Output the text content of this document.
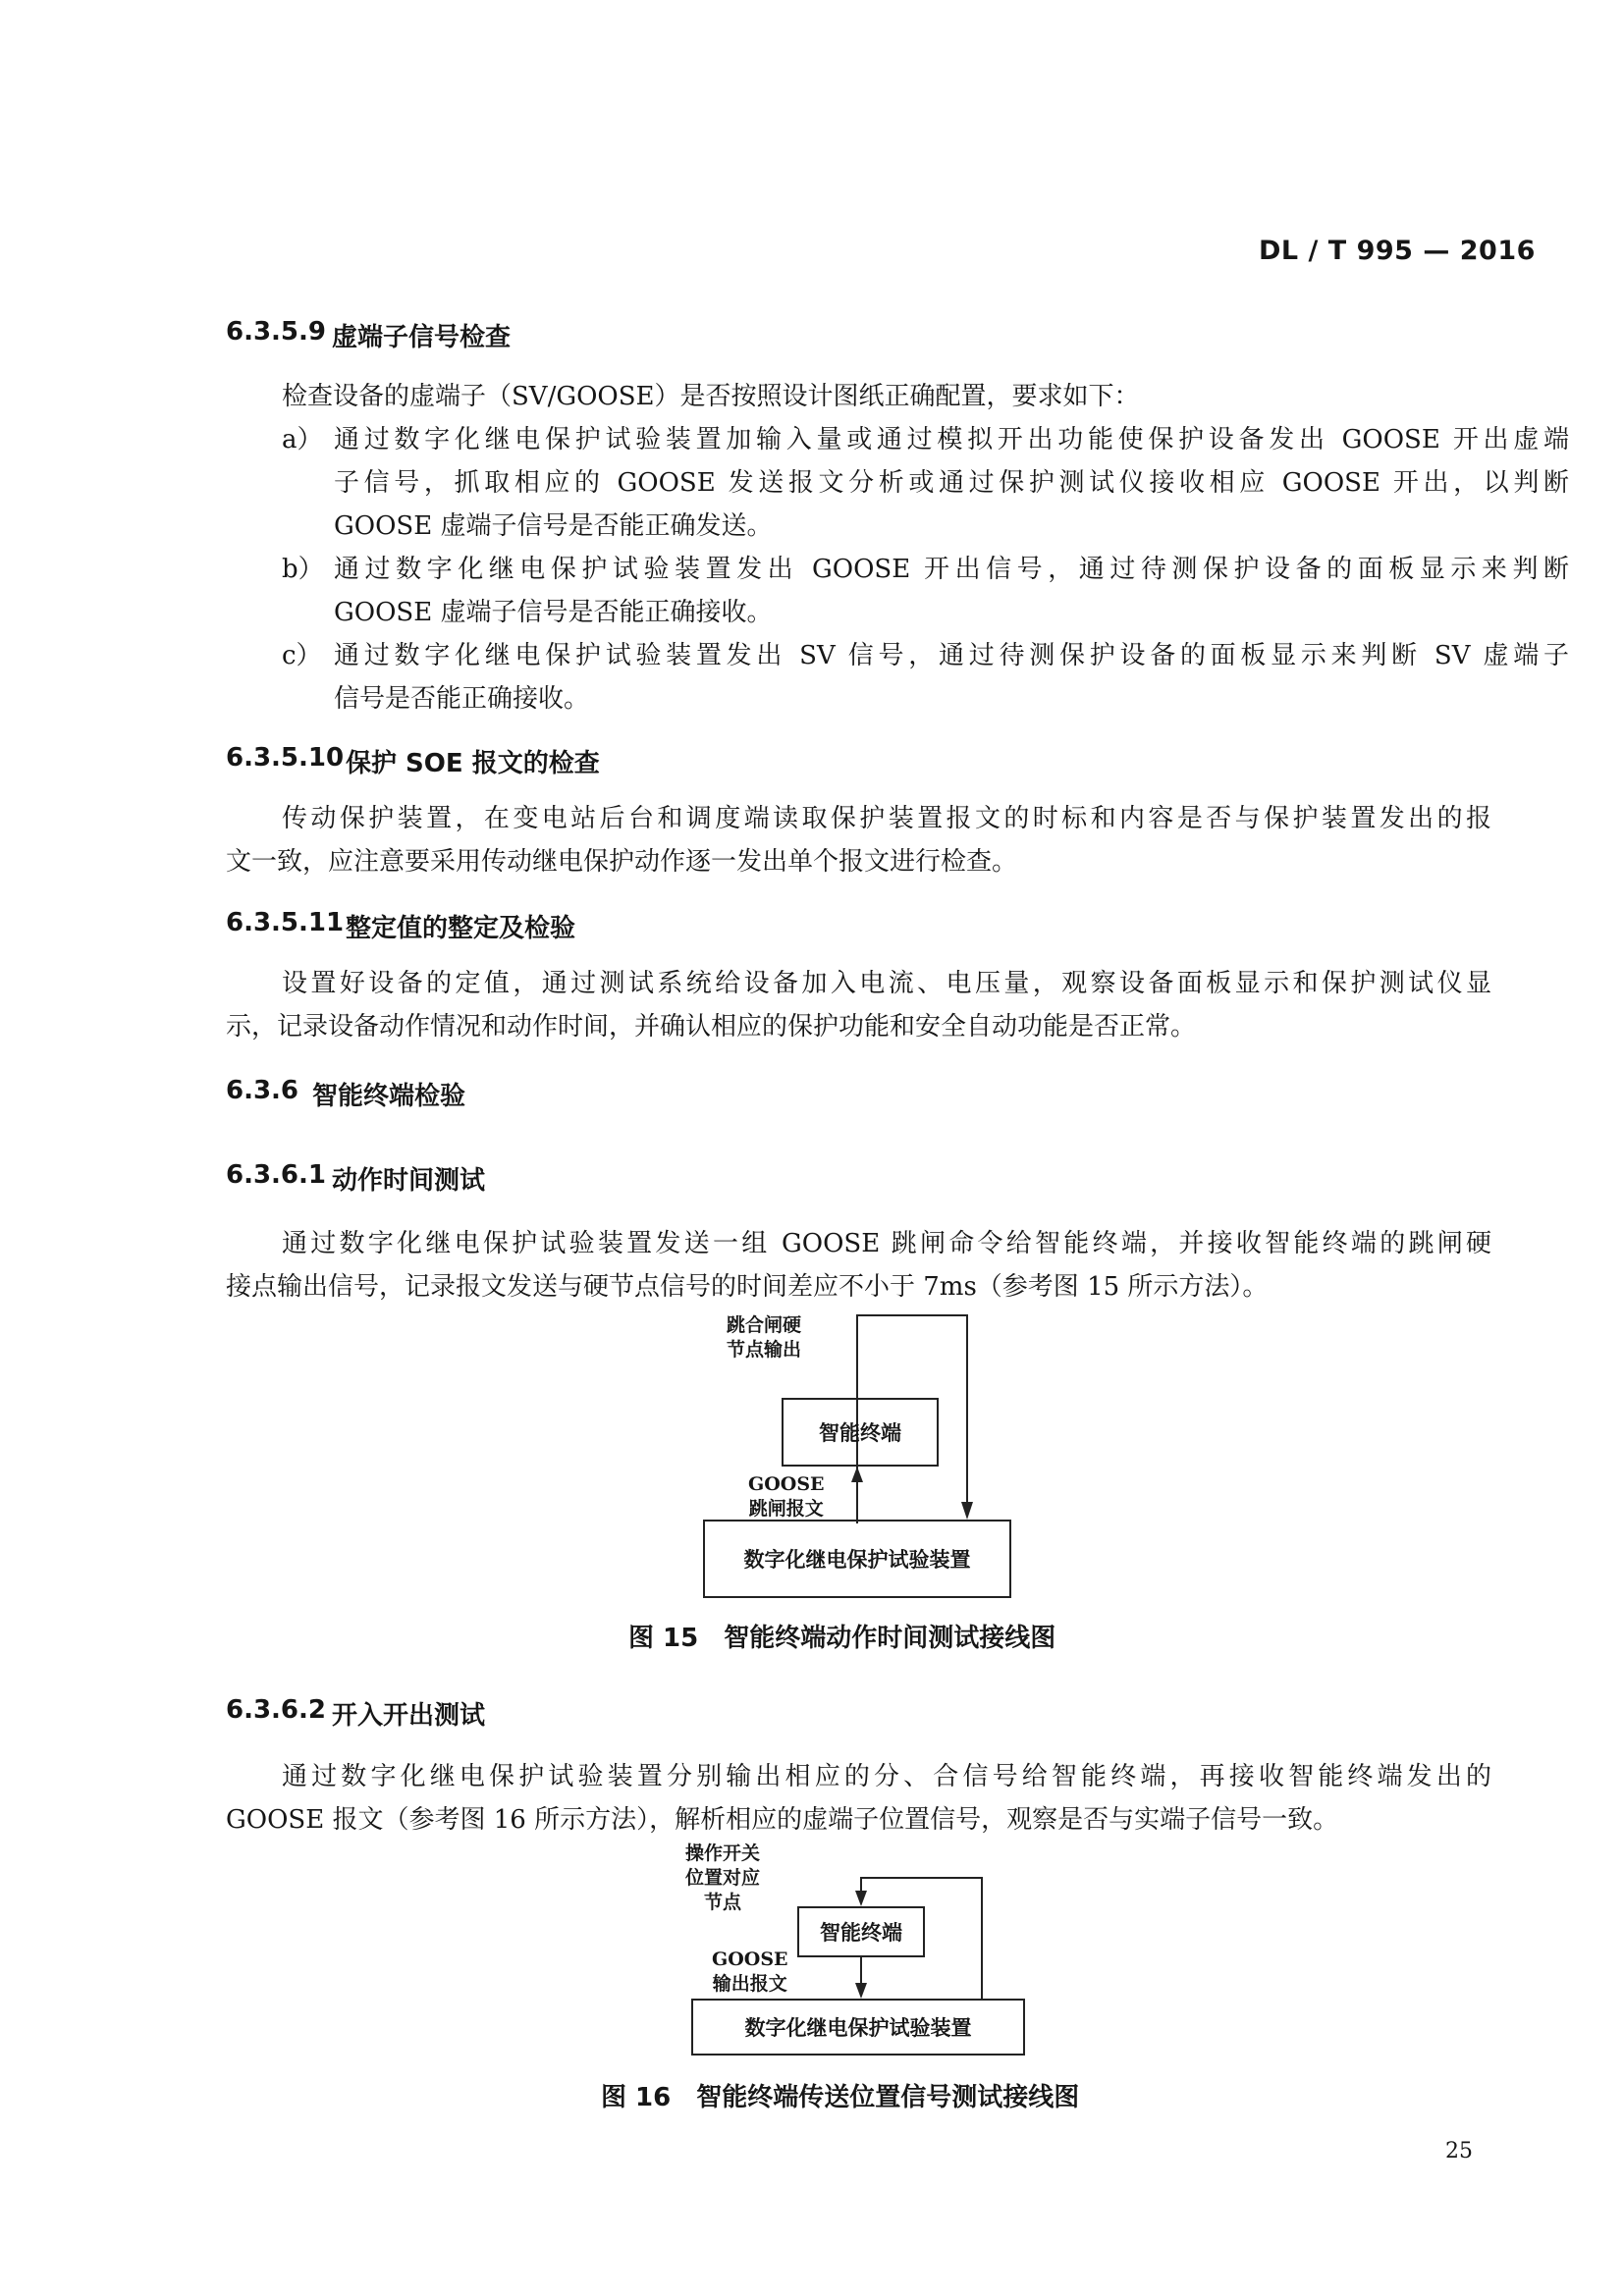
DL / T 995 — 2016
6.3.5.9 虚端子信号检查
检查设备的虚端子（SV/GOOSE）是否按照设计图纸正确配置，要求如下：
a） 通过数字化继电保护试验装置加输入量或通过模拟开出功能使保护设备发出 GOOSE 开出虚端
子信号，抓取相应的 GOOSE 发送报文分析或通过保护测试仪接收相应 GOOSE 开出，以判断
GOOSE 虚端子信号是否能正确发送。
b） 通过数字化继电保护试验装置发出 GOOSE 开出信号，通过待测保护设备的面板显示来判断
GOOSE 虚端子信号是否能正确接收。
c） 通过数字化继电保护试验装置发出 SV 信号，通过待测保护设备的面板显示来判断 SV 虚端子
信号是否能正确接收。
6.3.5.10 保护 SOE 报文的检查
传动保护装置，在变电站后台和调度端读取保护装置报文的时标和内容是否与保护装置发出的报
文一致，应注意要采用传动继电保护动作逐一发出单个报文进行检查。
6.3.5.11 整定值的整定及检验
设置好设备的定值，通过测试系统给设备加入电流、电压量，观察设备面板显示和保护测试仪显
示，记录设备动作情况和动作时间，并确认相应的保护功能和安全自动功能是否正常。
6.3.6 智能终端检验
6.3.6.1 动作时间测试
通过数字化继电保护试验装置发送一组 GOOSE 跳闸命令给智能终端，并接收智能终端的跳闸硬
接点输出信号，记录报文发送与硬节点信号的时间差应不小于 7ms（参考图 15 所示方法）。
跳合闸硬
节点输出
智能终端
GOOSE
跳闸报文
数字化继电保护试验装置
图 15　智能终端动作时间测试接线图
6.3.6.2 开入开出测试
通过数字化继电保护试验装置分别输出相应的分、合信号给智能终端，再接收智能终端发出的
GOOSE 报文（参考图 16 所示方法），解析相应的虚端子位置信号，观察是否与实端子信号一致。
操作开关
位置对应
节点
智能终端
GOOSE
输出报文
数字化继电保护试验装置
图 16　智能终端传送位置信号测试接线图
25
